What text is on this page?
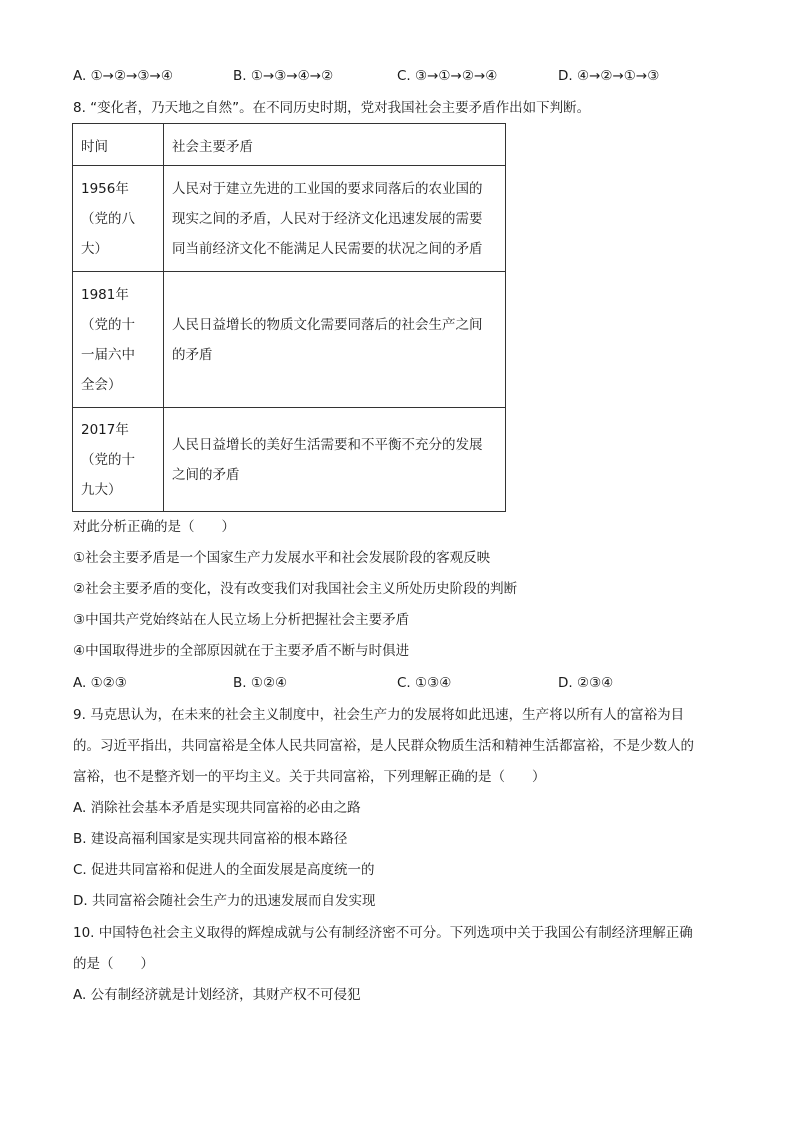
A. ①→②→③→④	B. ①→③→④→②	C. ③→①→②→④	D. ④→②→①→③
8. “变化者，乃天地之自然”。在不同历史时期，党对我国社会主要矛盾作出如下判断。
时间	社会主要矛盾

1956年
（党的八
大）	人民对于建立先进的工业国的要求同落后的农业国的
现实之间的矛盾，人民对于经济文化迅速发展的需要
同当前经济文化不能满足人民需要的状况之间的矛盾

1981年
（党的十
一届六中
全会）	人民日益增长的物质文化需要同落后的社会生产之间
的矛盾

2017年
（党的十
九大）	人民日益增长的美好生活需要和不平衡不充分的发展
之间的矛盾
对此分析正确的是（　　）
①社会主要矛盾是一个国家生产力发展水平和社会发展阶段的客观反映
②社会主要矛盾的变化，没有改变我们对我国社会主义所处历史阶段的判断
③中国共产党始终站在人民立场上分析把握社会主要矛盾
④中国取得进步的全部原因就在于主要矛盾不断与时俱进
A. ①②③	B. ①②④	C. ①③④	D. ②③④
9. 马克思认为，在未来的社会主义制度中，社会生产力的发展将如此迅速，生产将以所有人的富裕为目
的。习近平指出，共同富裕是全体人民共同富裕，是人民群众物质生活和精神生活都富裕，不是少数人的
富裕，也不是整齐划一的平均主义。关于共同富裕，下列理解正确的是（　　）
A. 消除社会基本矛盾是实现共同富裕的必由之路
B. 建设高福利国家是实现共同富裕的根本路径
C. 促进共同富裕和促进人的全面发展是高度统一的
D. 共同富裕会随社会生产力的迅速发展而自发实现
10. 中国特色社会主义取得的辉煌成就与公有制经济密不可分。下列选项中关于我国公有制经济理解正确
的是（　　）
A. 公有制经济就是计划经济，其财产权不可侵犯
